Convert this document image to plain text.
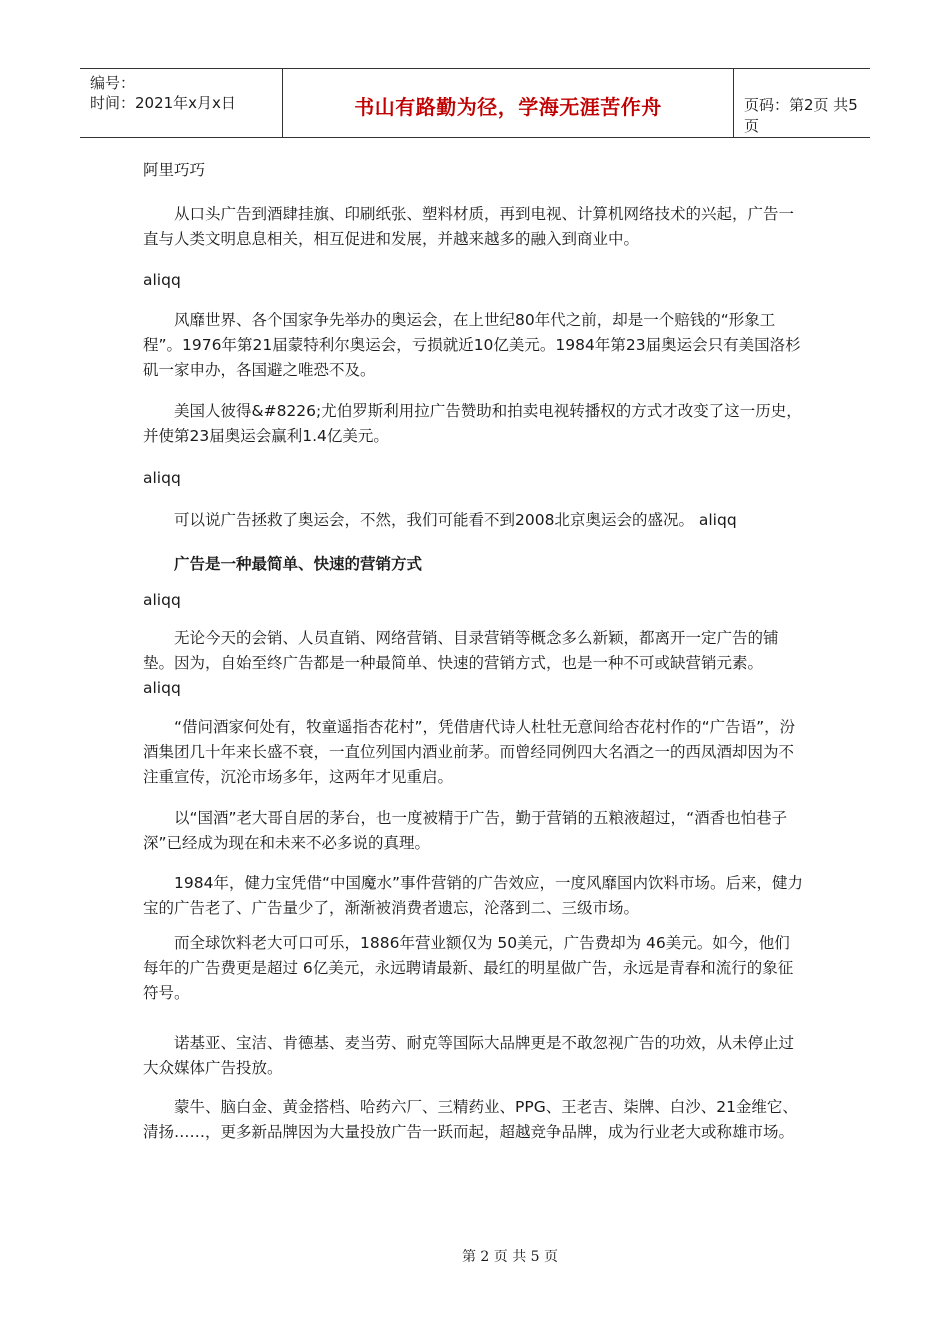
编号：
时间：2021年x月x日	书山有路勤为径，学海无涯苦作舟	页码：第2页 共5页

阿里巧巧

从口头广告到酒肆挂旗、印刷纸张、塑料材质，再到电视、计算机网络技术的兴起，广告一直与人类文明息息相关，相互促进和发展，并越来越多的融入到商业中。

aliqq

风靡世界、各个国家争先举办的奥运会，在上世纪80年代之前，却是一个赔钱的“形象工程”。1976年第21届蒙特利尔奥运会，亏损就近10亿美元。1984年第23届奥运会只有美国洛杉矶一家申办，各国避之唯恐不及。

美国人彼得&#8226;尤伯罗斯利用拉广告赞助和拍卖电视转播权的方式才改变了这一历史，并使第23届奥运会赢利1.4亿美元。

aliqq

可以说广告拯救了奥运会，不然，我们可能看不到2008北京奥运会的盛况。 aliqq

广告是一种最简单、快速的营销方式

aliqq

无论今天的会销、人员直销、网络营销、目录营销等概念多么新颖，都离开一定广告的铺垫。因为，自始至终广告都是一种最简单、快速的营销方式，也是一种不可或缺营销元素。 aliqq

“借问酒家何处有，牧童遥指杏花村”，凭借唐代诗人杜牡无意间给杏花村作的“广告语”，汾酒集团几十年来长盛不衰，一直位列国内酒业前茅。而曾经同例四大名酒之一的西凤酒却因为不注重宣传，沉沦市场多年，这两年才见重启。

以“国酒”老大哥自居的茅台，也一度被精于广告，勤于营销的五粮液超过，“酒香也怕巷子深”已经成为现在和未来不必多说的真理。

1984年，健力宝凭借“中国魔水”事件营销的广告效应，一度风靡国内饮料市场。后来，健力宝的广告老了、广告量少了，渐渐被消费者遗忘，沦落到二、三级市场。

而全球饮料老大可口可乐，1886年营业额仅为 50美元，广告费却为 46美元。如今，他们每年的广告费更是超过 6亿美元，永远聘请最新、最红的明星做广告，永远是青春和流行的象征符号。

诺基亚、宝洁、肯德基、麦当劳、耐克等国际大品牌更是不敢忽视广告的功效，从未停止过大众媒体广告投放。

蒙牛、脑白金、黄金搭档、哈药六厂、三精药业、PPG、王老吉、柒牌、白沙、21金维它、清扬……，更多新品牌因为大量投放广告一跃而起，超越竞争品牌，成为行业老大或称雄市场。

第 2 页 共 5 页
